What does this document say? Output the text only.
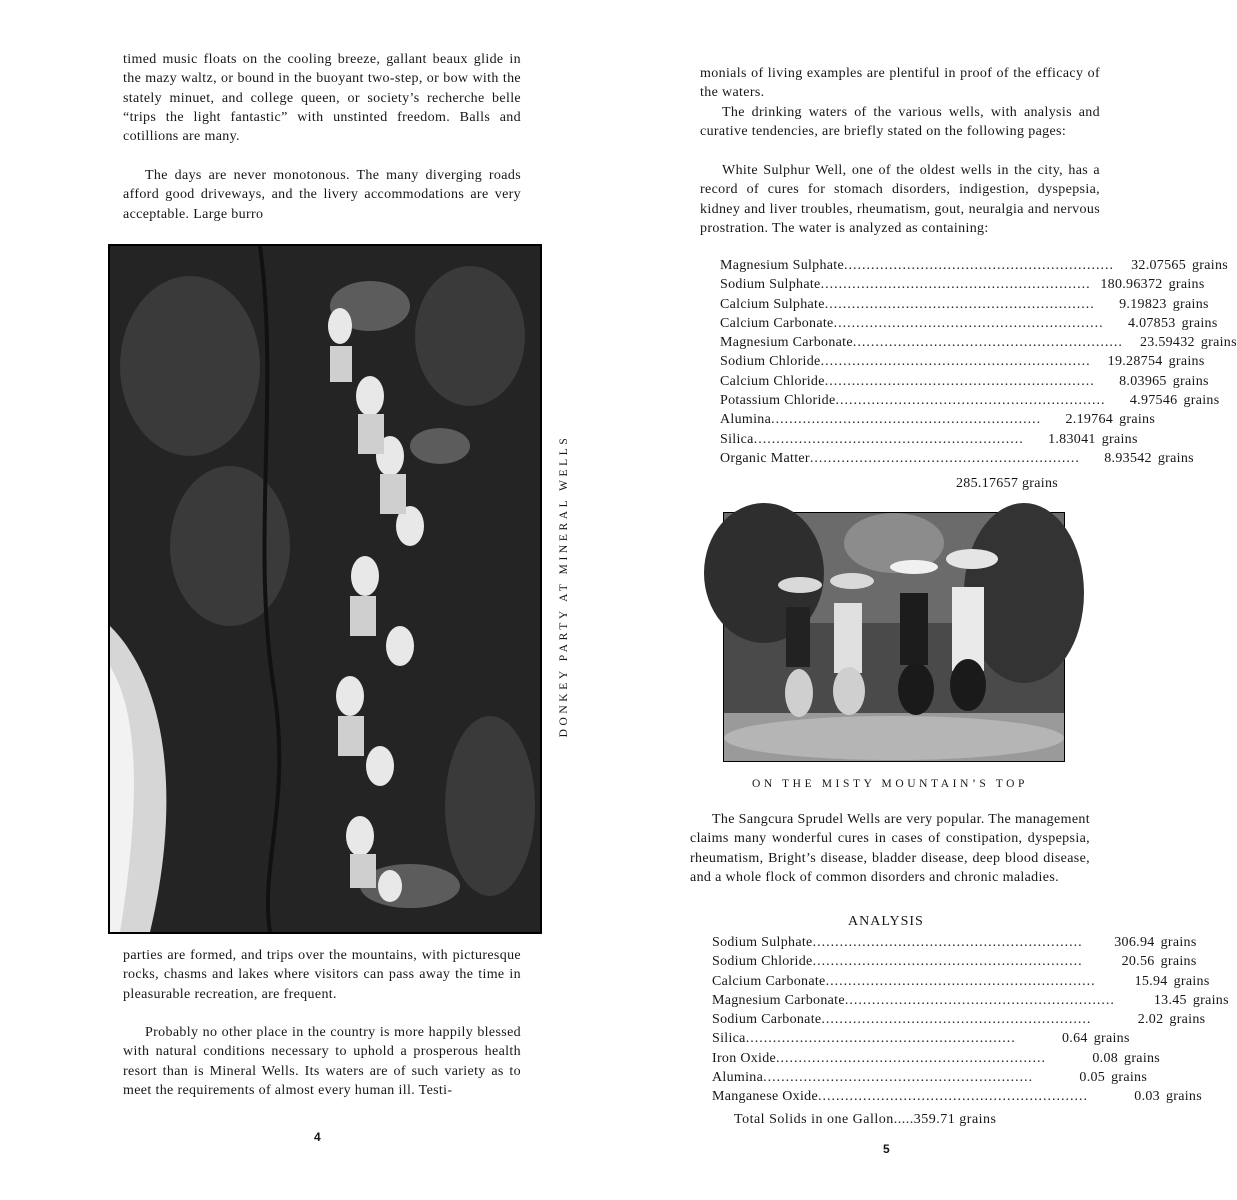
timed music floats on the cooling breeze, gallant beaux glide in the mazy waltz, or bound in the buoyant two-step, or bow with the stately minuet, and college queen, or society’s recherche belle “trips the light fantastic” with unstinted freedom. Balls and cotillions are many.

The days are never monotonous. The many diverging roads afford good driveways, and the livery accommodations are very acceptable. Large burro

DONKEY PARTY AT MINERAL WELLS

parties are formed, and trips over the mountains, with picturesque rocks, chasms and lakes where visitors can pass away the time in pleasurable recreation, are frequent.

Probably no other place in the country is more happily blessed with natural conditions necessary to uphold a prosperous health resort than is Mineral Wells. Its waters are of such variety as to meet the requirements of almost every human ill. Testi-

4

monials of living examples are plentiful in proof of the efficacy of the waters.

The drinking waters of the various wells, with analysis and curative tendencies, are briefly stated on the following pages:

White Sulphur Well, one of the oldest wells in the city, has a record of cures for stomach disorders, indigestion, dyspepsia, kidney and liver troubles, rheumatism, gout, neuralgia and nervous prostration. The water is analyzed as containing:

Magnesium Sulphate ............................................................	32.07565 grains
Sodium Sulphate ............................................................ 180.96372 grains
Calcium Sulphate ............................................................	9.19823 grains
Calcium Carbonate ............................................................	4.07853 grains
Magnesium Carbonate ............................................................	23.59432 grains
Sodium Chloride ............................................................	19.28754 grains
Calcium Chloride ............................................................	8.03965 grains
Potassium Chloride ............................................................	4.97546 grains
Alumina ............................................................	2.19764 grains
Silica ............................................................	1.83041 grains
Organic Matter ............................................................	8.93542 grains
285.17657 grains
ON THE MISTY MOUNTAIN’S TOP

The Sangcura Sprudel Wells are very popular. The management claims many wonderful cures in cases of constipation, dyspepsia, rheumatism, Bright’s disease, bladder disease, deep blood disease, and a whole flock of common disorders and chronic maladies.

ANALYSIS
Sodium Sulphate ............................................................	306.94 grains
Sodium Chloride ............................................................	20.56 grains
Calcium Carbonate ............................................................	15.94 grains
Magnesium Carbonate ............................................................	13.45 grains
Sodium Carbonate ............................................................	2.02 grains
Silica ............................................................	0.64 grains
Iron Oxide ............................................................	0.08 grains
Alumina ............................................................	0.05 grains
Manganese Oxide ............................................................	0.03 grains
Total Solids in one Gallon.....359.71 grains
5
